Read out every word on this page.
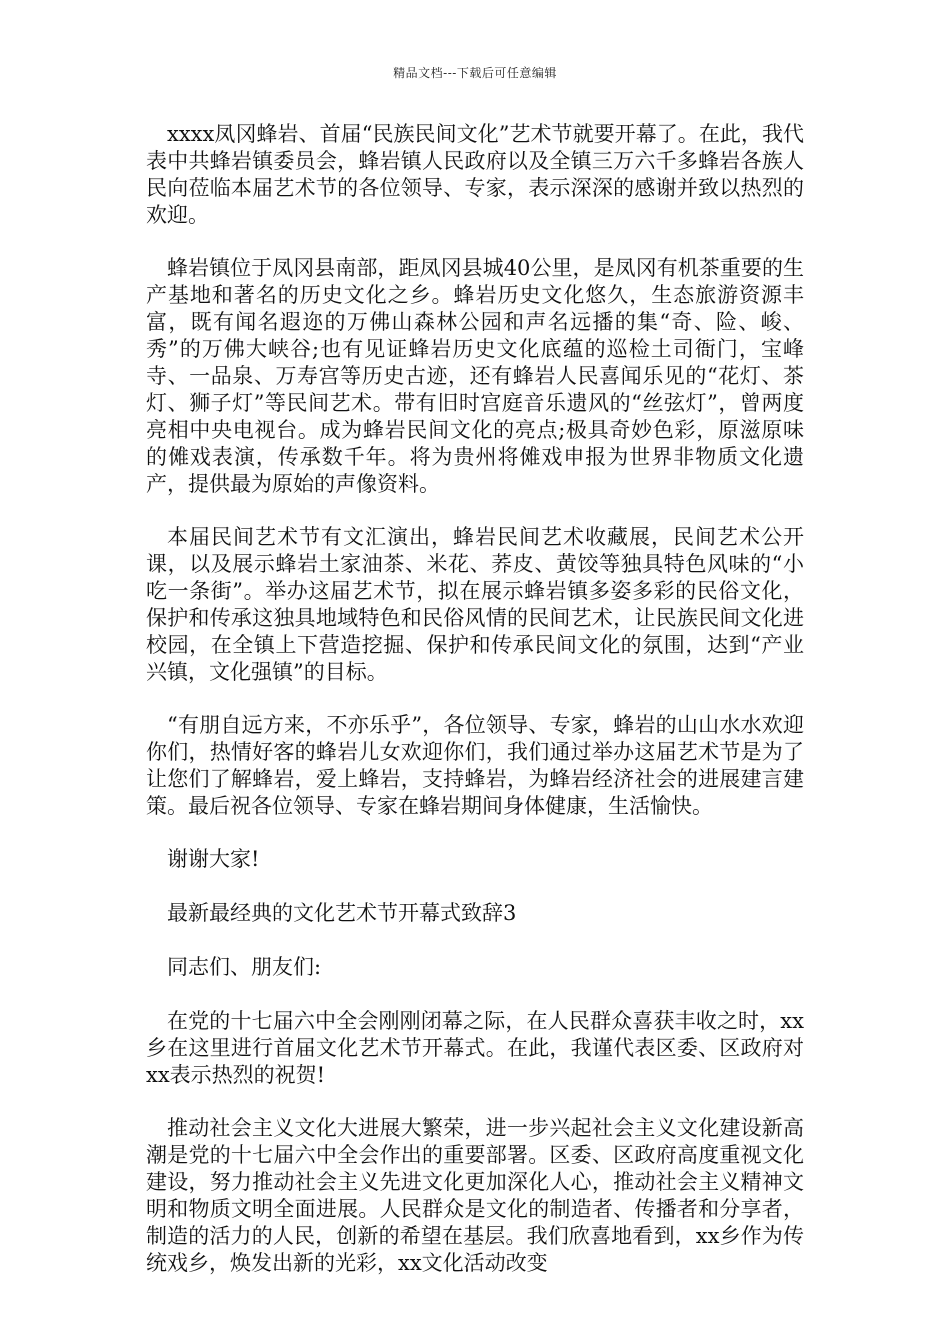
精品文档---下载后可任意编辑

xxxx凤冈蜂岩、首届“民族民间文化”艺术节就要开幕了。在此，我代表中共蜂岩镇委员会，蜂岩镇人民政府以及全镇三万六千多蜂岩各族人民向莅临本届艺术节的各位领导、专家，表示深深的感谢并致以热烈的欢迎。

蜂岩镇位于凤冈县南部，距凤冈县城40公里，是凤冈有机茶重要的生产基地和著名的历史文化之乡。蜂岩历史文化悠久，生态旅游资源丰富，既有闻名遐迩的万佛山森林公园和声名远播的集“奇、险、峻、秀”的万佛大峡谷;也有见证蜂岩历史文化底蕴的巡检土司衙门，宝峰寺、一品泉、万寿宫等历史古迹，还有蜂岩人民喜闻乐见的“花灯、茶灯、狮子灯”等民间艺术。带有旧时宫庭音乐遗风的“丝弦灯”，曾两度亮相中央电视台。成为蜂岩民间文化的亮点;极具奇妙色彩，原滋原味的傩戏表演，传承数千年。将为贵州将傩戏申报为世界非物质文化遗产，提供最为原始的声像资料。

本届民间艺术节有文汇演出，蜂岩民间艺术收藏展，民间艺术公开课，以及展示蜂岩土家油茶、米花、荞皮、黄饺等独具特色风味的“小吃一条街”。举办这届艺术节，拟在展示蜂岩镇多姿多彩的民俗文化，保护和传承这独具地域特色和民俗风情的民间艺术，让民族民间文化进校园，在全镇上下营造挖掘、保护和传承民间文化的氛围，达到“产业兴镇，文化强镇”的目标。

“有朋自远方来，不亦乐乎”，各位领导、专家，蜂岩的山山水水欢迎你们，热情好客的蜂岩儿女欢迎你们，我们通过举办这届艺术节是为了让您们了解蜂岩，爱上蜂岩，支持蜂岩，为蜂岩经济社会的进展建言建策。最后祝各位领导、专家在蜂岩期间身体健康，生活愉快。

谢谢大家!

最新最经典的文化艺术节开幕式致辞3

同志们、朋友们:

在党的十七届六中全会刚刚闭幕之际，在人民群众喜获丰收之时，xx乡在这里进行首届文化艺术节开幕式。在此，我谨代表区委、区政府对xx表示热烈的祝贺!

推动社会主义文化大进展大繁荣，进一步兴起社会主义文化建设新高潮是党的十七届六中全会作出的重要部署。区委、区政府高度重视文化建设，努力推动社会主义先进文化更加深化人心，推动社会主义精神文明和物质文明全面进展。人民群众是文化的制造者、传播者和分享者，制造的活力的人民，创新的希望在基层。我们欣喜地看到，xx乡作为传统戏乡，焕发出新的光彩，xx文化活动改变
